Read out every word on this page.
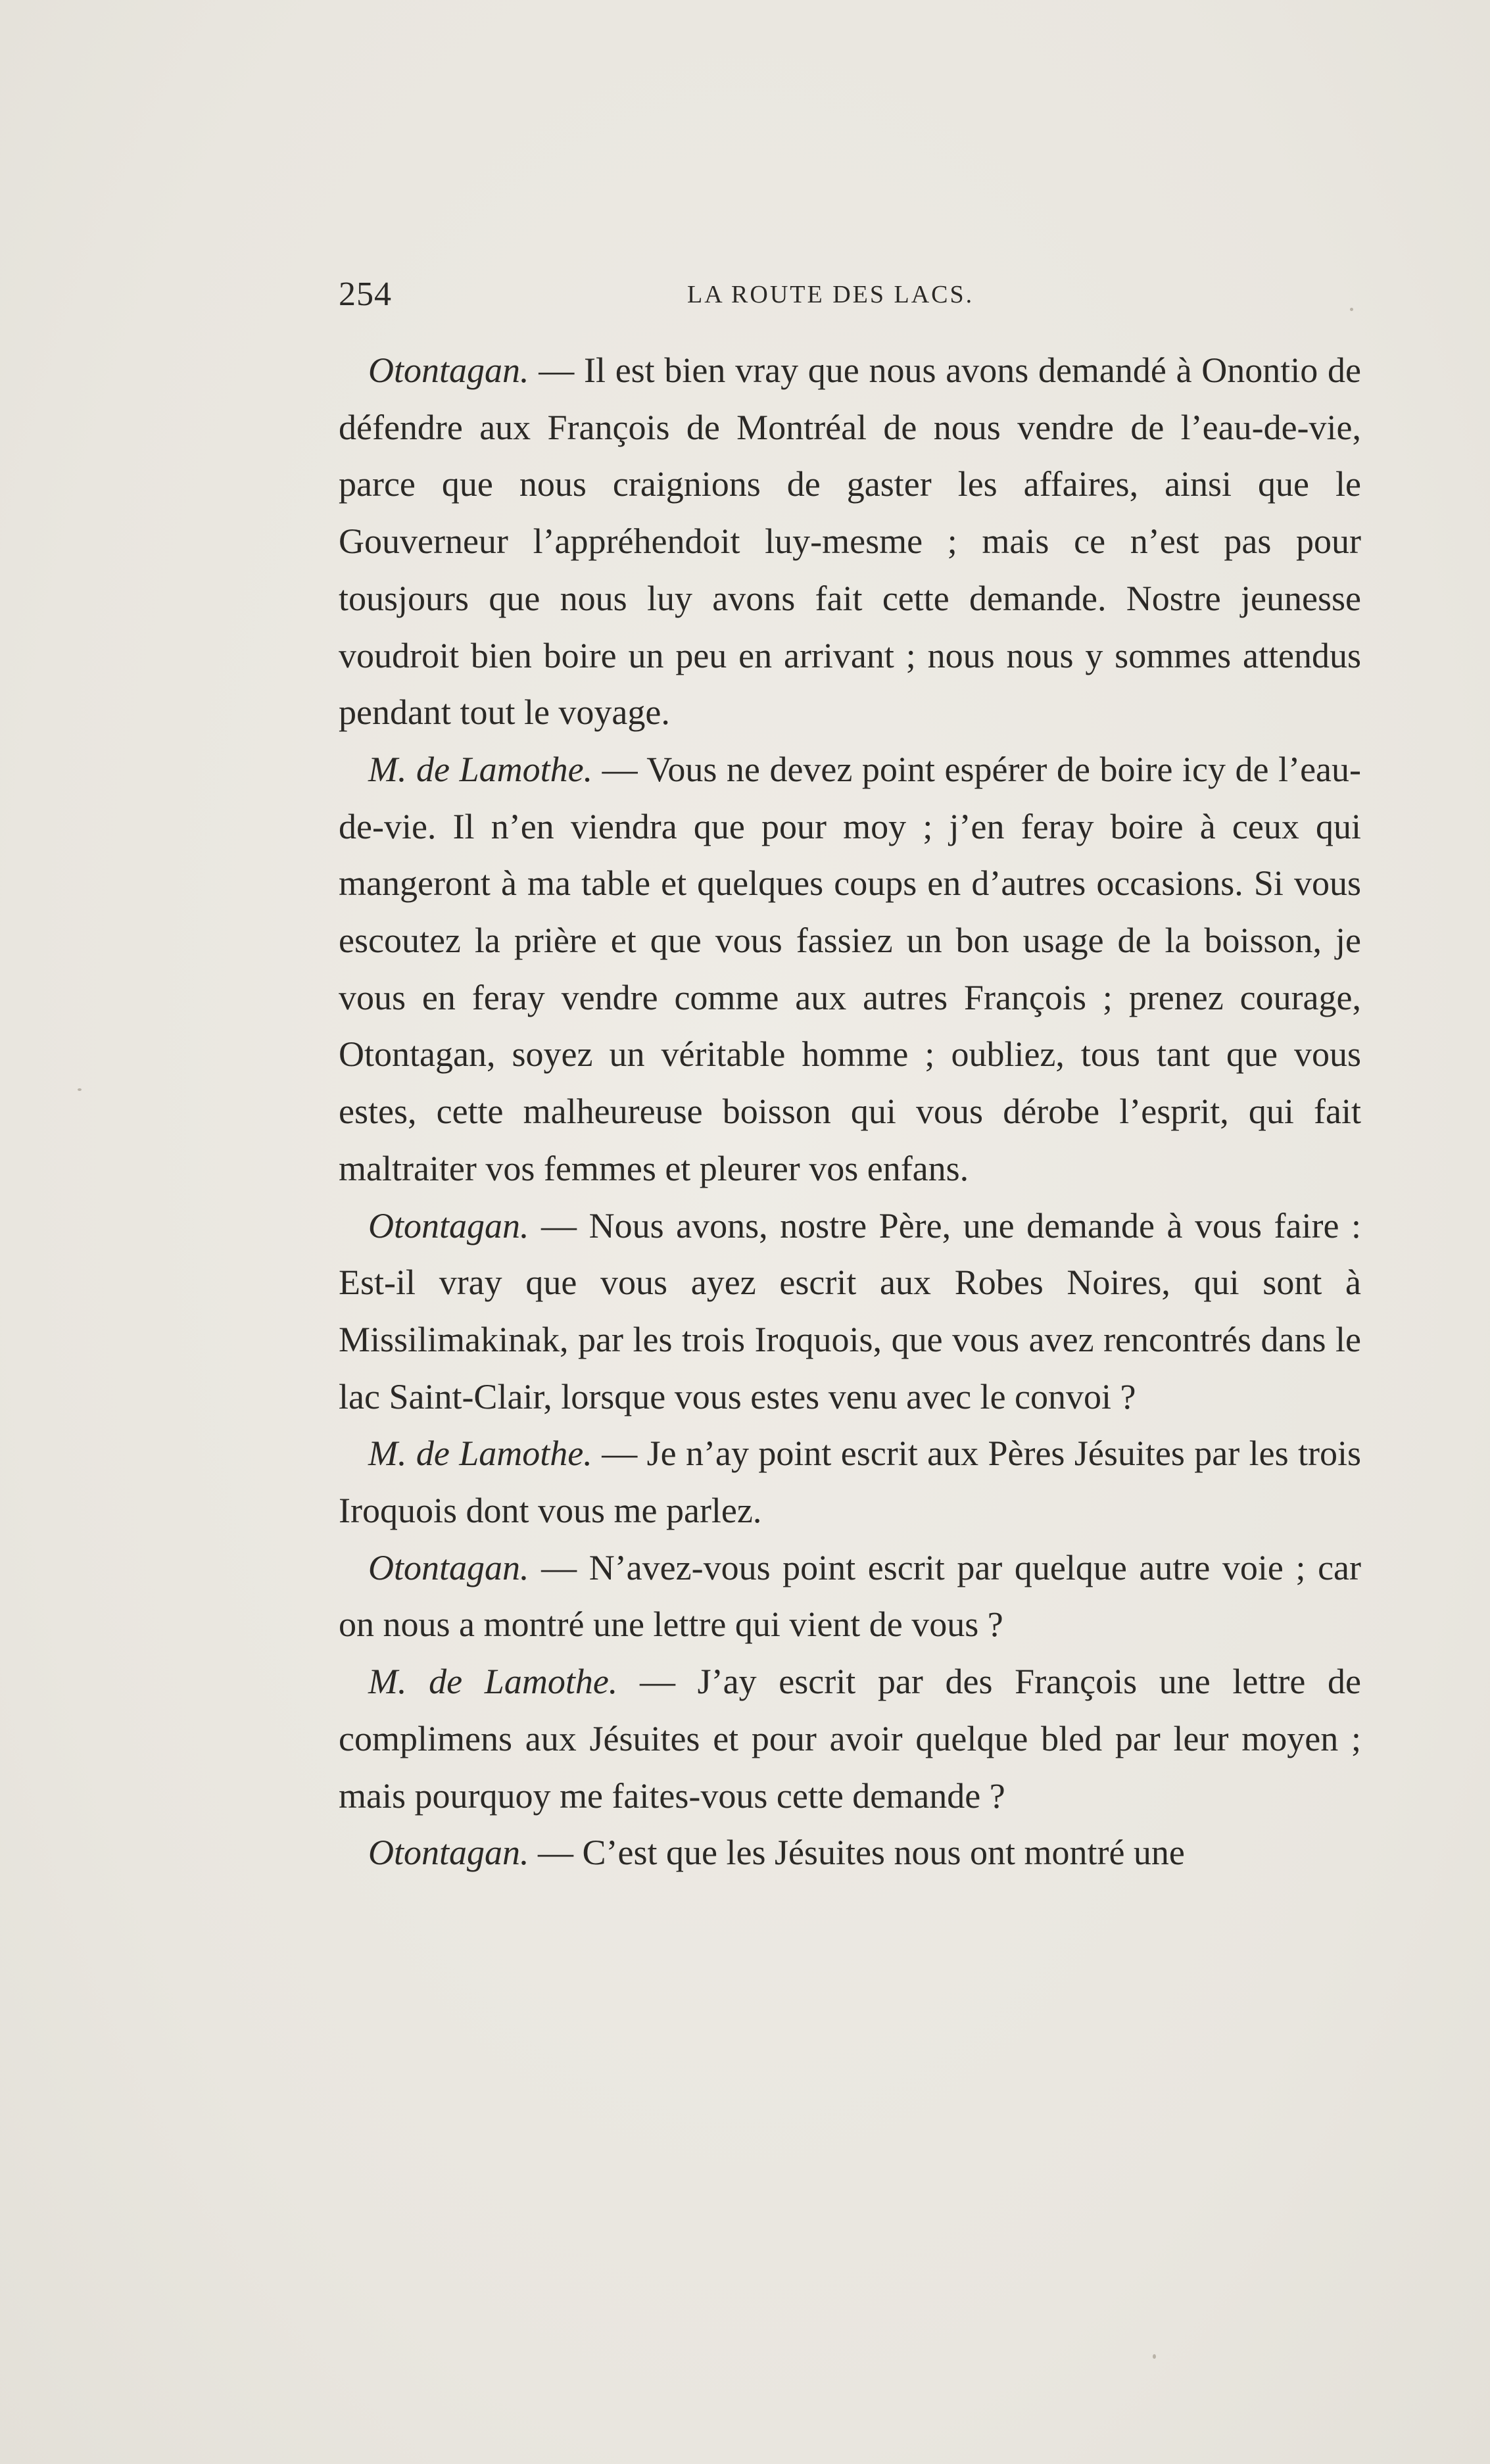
254	LA ROUTE DES LACS.

Otontagan. — Il est bien vray que nous avons demandé à Onontio de défendre aux François de Montréal de nous vendre de l’eau-de-vie, parce que nous craignions de gaster les affaires, ainsi que le Gouverneur l’appréhendoit luy-mesme ; mais ce n’est pas pour tousjours que nous luy avons fait cette demande. Nostre jeunesse voudroit bien boire un peu en arrivant ; nous nous y sommes attendus pendant tout le voyage.

M. de Lamothe. — Vous ne devez point espérer de boire icy de l’eau-de-vie. Il n’en viendra que pour moy ; j’en feray boire à ceux qui mangeront à ma table et quelques coups en d’autres occasions. Si vous escoutez la prière et que vous fassiez un bon usage de la boisson, je vous en feray vendre comme aux autres François ; prenez courage, Otontagan, soyez un véritable homme ; oubliez, tous tant que vous estes, cette malheureuse boisson qui vous dérobe l’esprit, qui fait maltraiter vos femmes et pleurer vos enfans.

Otontagan. — Nous avons, nostre Père, une demande à vous faire : Est-il vray que vous ayez escrit aux Robes Noires, qui sont à Missilimakinak, par les trois Iroquois, que vous avez rencontrés dans le lac Saint-Clair, lorsque vous estes venu avec le convoi ?

M. de Lamothe. — Je n’ay point escrit aux Pères Jésuites par les trois Iroquois dont vous me parlez.

Otontagan. — N’avez-vous point escrit par quelque autre voie ; car on nous a montré une lettre qui vient de vous ?

M. de Lamothe. — J’ay escrit par des François une lettre de complimens aux Jésuites et pour avoir quelque bled par leur moyen ; mais pourquoy me faites-vous cette demande ?

Otontagan. — C’est que les Jésuites nous ont montré une
